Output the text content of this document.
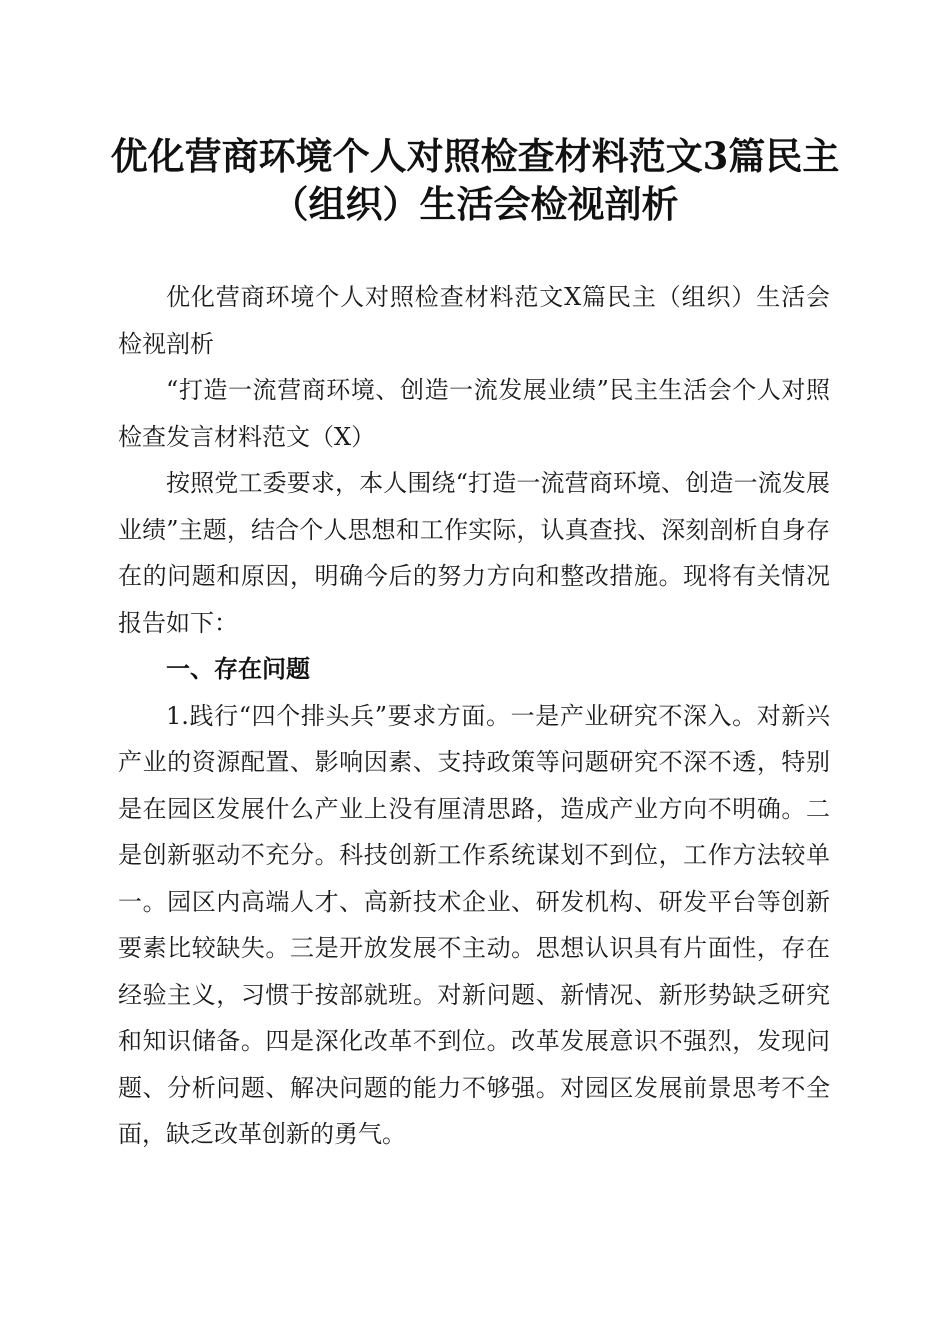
优化营商环境个人对照检查材料范文3篇民主
（组织）生活会检视剖析

优化营商环境个人对照检查材料范文X篇民主（组织）生活会检视剖析

“打造一流营商环境、创造一流发展业绩”民主生活会个人对照检查发言材料范文（X）

按照党工委要求，本人围绕“打造一流营商环境、创造一流发展业绩”主题，结合个人思想和工作实际，认真查找、深刻剖析自身存在的问题和原因，明确今后的努力方向和整改措施。现将有关情况报告如下：

一、存在问题

1.践行“四个排头兵”要求方面。一是产业研究不深入。对新兴产业的资源配置、影响因素、支持政策等问题研究不深不透，特别是在园区发展什么产业上没有厘清思路，造成产业方向不明确。二是创新驱动不充分。科技创新工作系统谋划不到位，工作方法较单一。园区内高端人才、高新技术企业、研发机构、研发平台等创新要素比较缺失。三是开放发展不主动。思想认识具有片面性，存在经验主义，习惯于按部就班。对新问题、新情况、新形势缺乏研究和知识储备。四是深化改革不到位。改革发展意识不强烈，发现问题、分析问题、解决问题的能力不够强。对园区发展前景思考不全面，缺乏改革创新的勇气。
